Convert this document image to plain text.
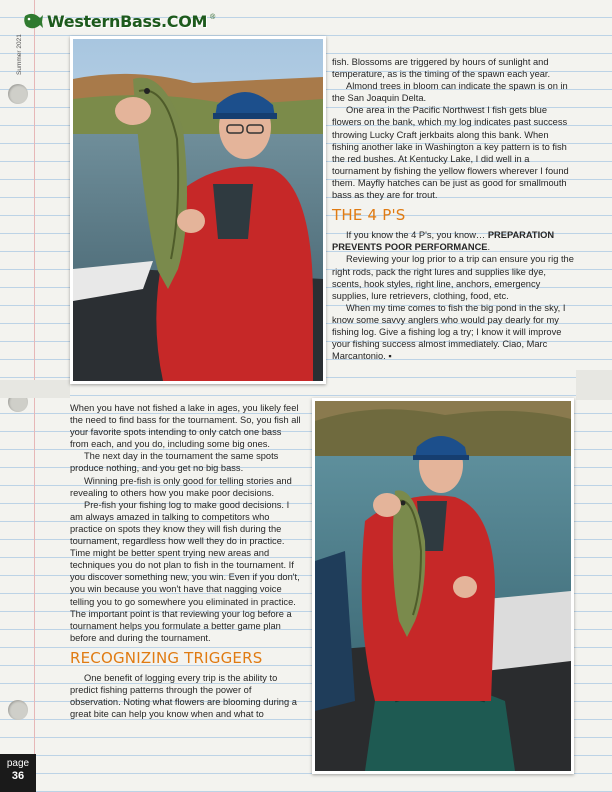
WesternBass.COM ®
Summer 2021	fish. Blossoms are triggered by hours of sunlight and temperature, as is the timing of the spawn each year.

Almond trees in bloom can indicate the spawn is on in the San Joaquin Delta.

One area in the Pacific Northwest I fish gets blue flowers on the bank, which my log indicates past success throwing Lucky Craft jerkbaits along this bank. When fishing another lake in Washington a key pattern is to fish the red bushes. At Kentucky Lake, I did well in a tournament by fishing the yellow flowers wherever I found them. Mayfly hatches can be just as good for smallmouth bass as they are for trout.

THE 4 P'S

If you know the 4 P's, you know… PREPARATION PREVENTS POOR PERFORMANCE.

Reviewing your log prior to a trip can ensure you rig the right rods, pack the right lures and supplies like dye, scents, hook styles, right line, anchors, emergency supplies, lure retrievers, clothing, food, etc.

When my time comes to fish the big pond in the sky, I know some savvy anglers who would pay dearly for my fishing log. Give a fishing log a try; I know it will improve your fishing success almost immediately. Ciao, Marc Marcantonio. ▪

When you have not fished a lake in ages, you likely feel the need to find bass for the tournament. So, you fish all your favorite spots intending to only catch one bass from each, and you do, including some big ones.

The next day in the tournament the same spots produce nothing, and you get no big bass.

Winning pre-fish is only good for telling stories and revealing to others how you make poor decisions.

Pre-fish your fishing log to make good decisions. I am always amazed in talking to competitors who practice on spots they know they will fish during the tournament, regardless how well they do in practice. Time might be better spent trying new areas and techniques you do not plan to fish in the tournament. If you discover something new, you win. Even if you don't, you win because you won't have that nagging voice telling you to go somewhere you eliminated in practice. The important point is that reviewing your log before a tournament helps you formulate a better game plan before and during the tournament.

RECOGNIZING TRIGGERS

One benefit of logging every trip is the ability to predict fishing patterns through the power of observation. Noting what flowers are blooming during a great bite can help you know when and what to

page
36
